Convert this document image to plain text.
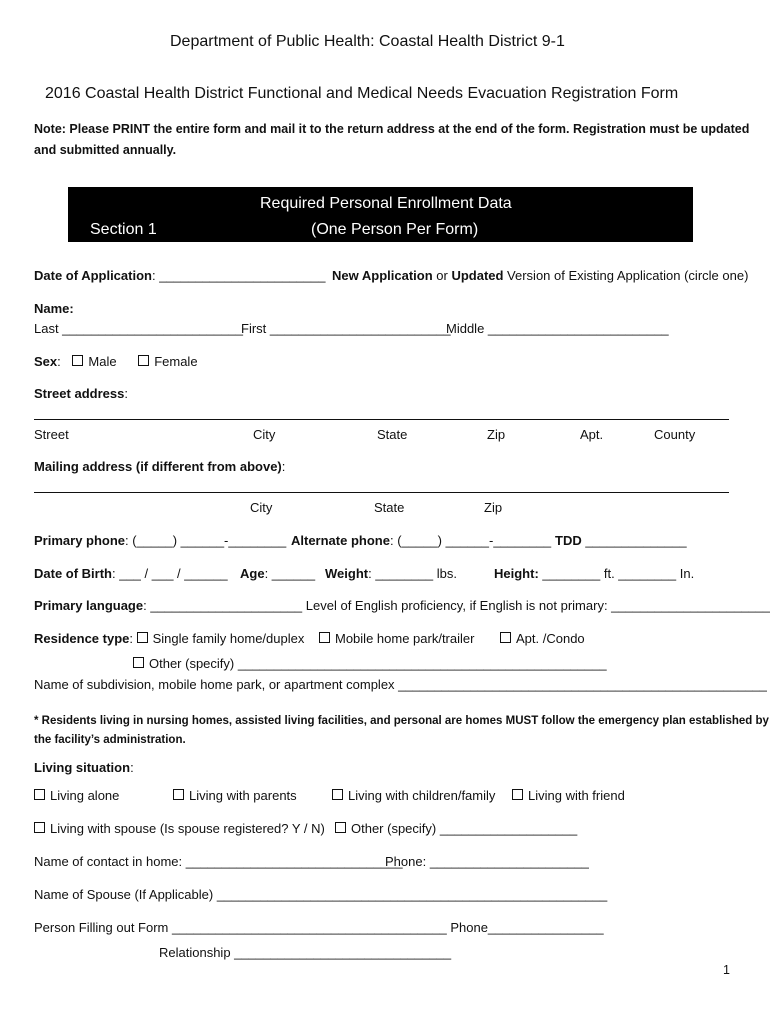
Department of Public Health: Coastal Health District 9-1
2016 Coastal Health District Functional and Medical Needs Evacuation Registration Form
Note: Please PRINT the entire form and mail it to the return address at the end of the form. Registration must be updated
and submitted annually.
Required Personal Enrollment Data
(One Person Per Form)
Section 1
Date of Application: _______________________ New Application or Updated Version of Existing Application (circle one)
Name:
Last _________________________
First _________________________
Middle _________________________
Sex: Male	Female
Street address:
Street	City	State	Zip	Apt.	County
Mailing address (if different from above):
City	State	Zip
Primary phone: (_____) ______-________ Alternate phone: (_____) ______-________ TDD ______________
Date of Birth: ___ / ___ / ______ Age: ______ Weight: ________ lbs.	Height: ________ ft. ________ In.
Primary language: _____________________ Level of English proficiency, if English is not primary: ______________________
Residence type: Single family home/duplex	Mobile home park/trailer	Apt. /Condo
Other (specify) ___________________________________________________
Name of subdivision, mobile home park, or apartment complex ___________________________________________________
* Residents living in nursing homes, assisted living facilities, and personal are homes MUST follow the emergency plan established by
the facility’s administration.
Living situation:
Living alone	Living with parents	Living with children/family	Living with friend
Living with spouse (Is spouse registered? Y / N)	Other (specify) ___________________
Name of contact in home: ______________________________
Phone: ______________________
Name of Spouse (If Applicable) ______________________________________________________
Person Filling out Form ______________________________________ Phone________________
Relationship ______________________________
1
